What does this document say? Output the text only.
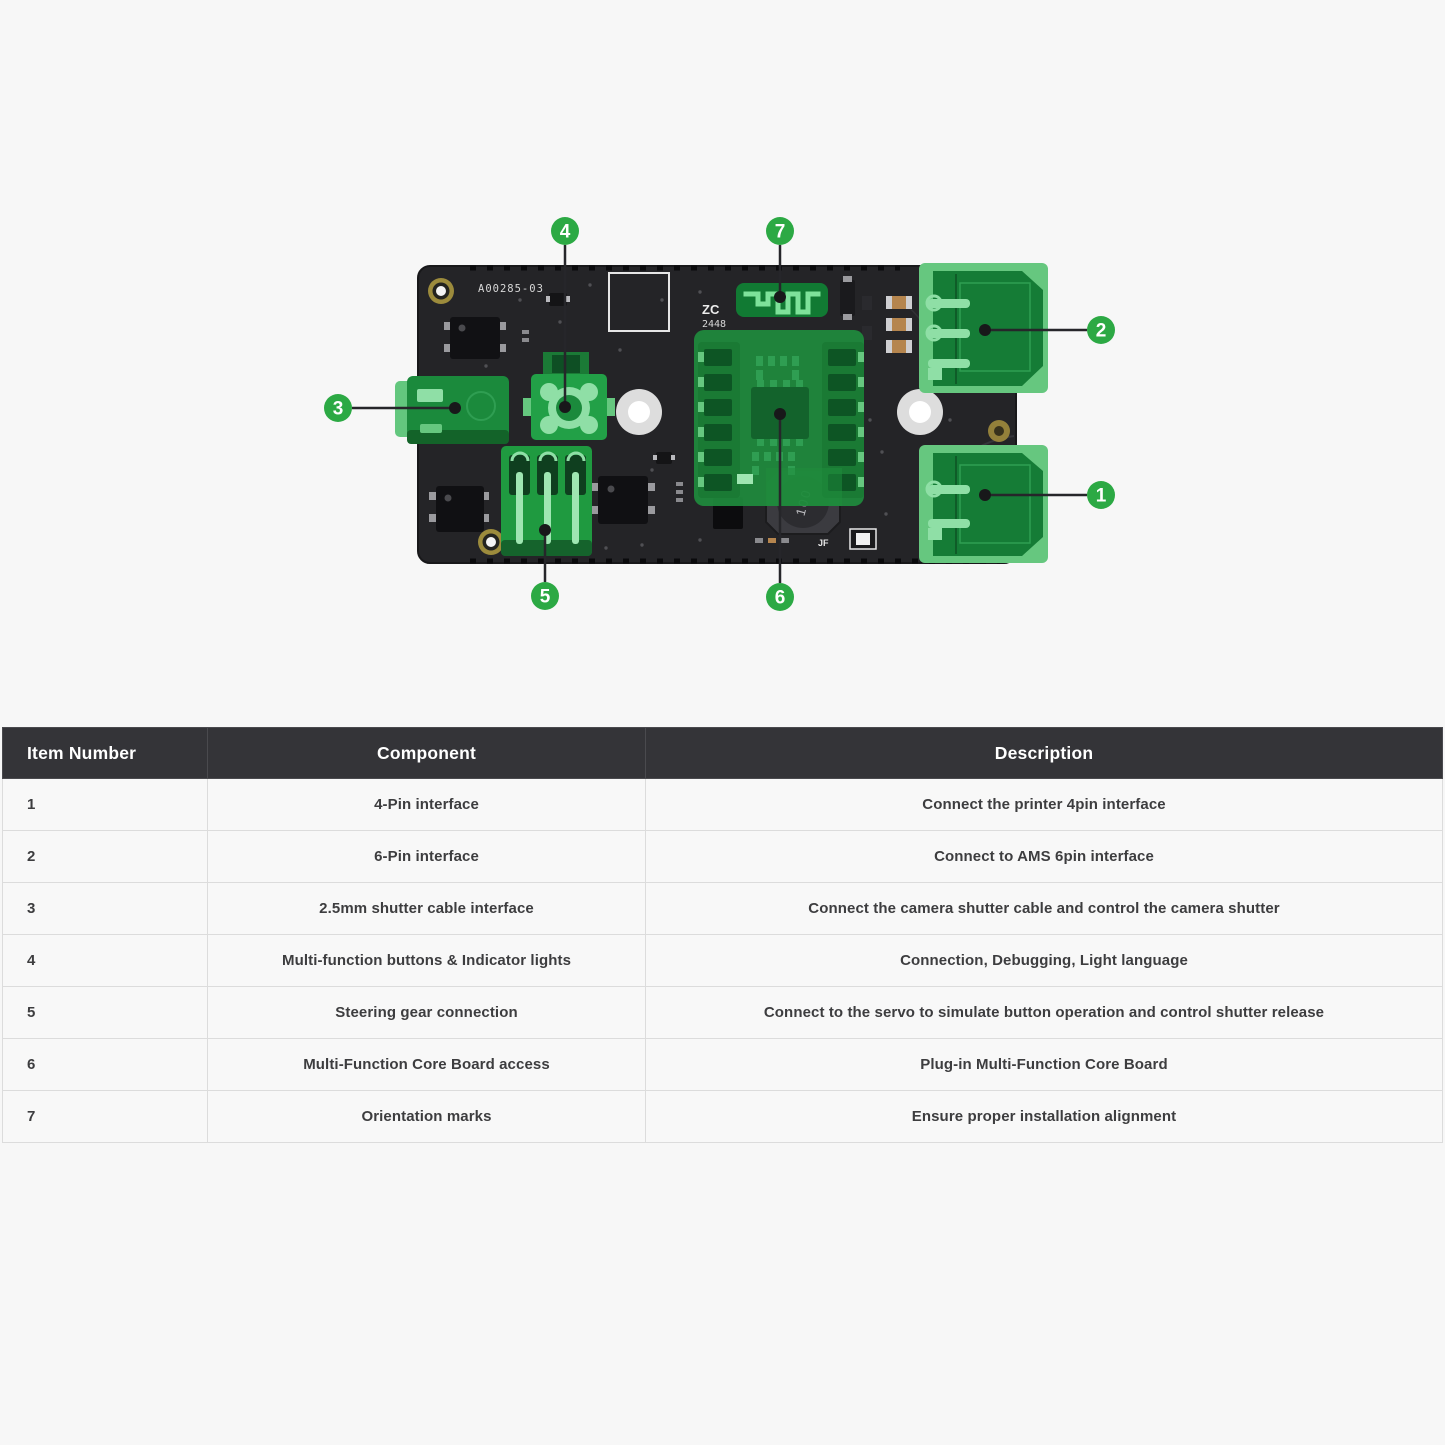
A00285-03
ZC
2448
JF
1
2
3
4
5	6
7
Item Number	Component	Description
1	4-Pin interface	Connect the printer 4pin interface
2	6-Pin interface	Connect to AMS 6pin interface
3	2.5mm shutter cable interface	Connect the camera shutter cable and control the camera shutter
4	Multi-function buttons & Indicator lights	Connection, Debugging, Light language
5	Steering gear connection	Connect to the servo to simulate button operation and control shutter release
6	Multi-Function Core Board access	Plug-in Multi-Function Core Board
7	Orientation marks	Ensure proper installation alignment
